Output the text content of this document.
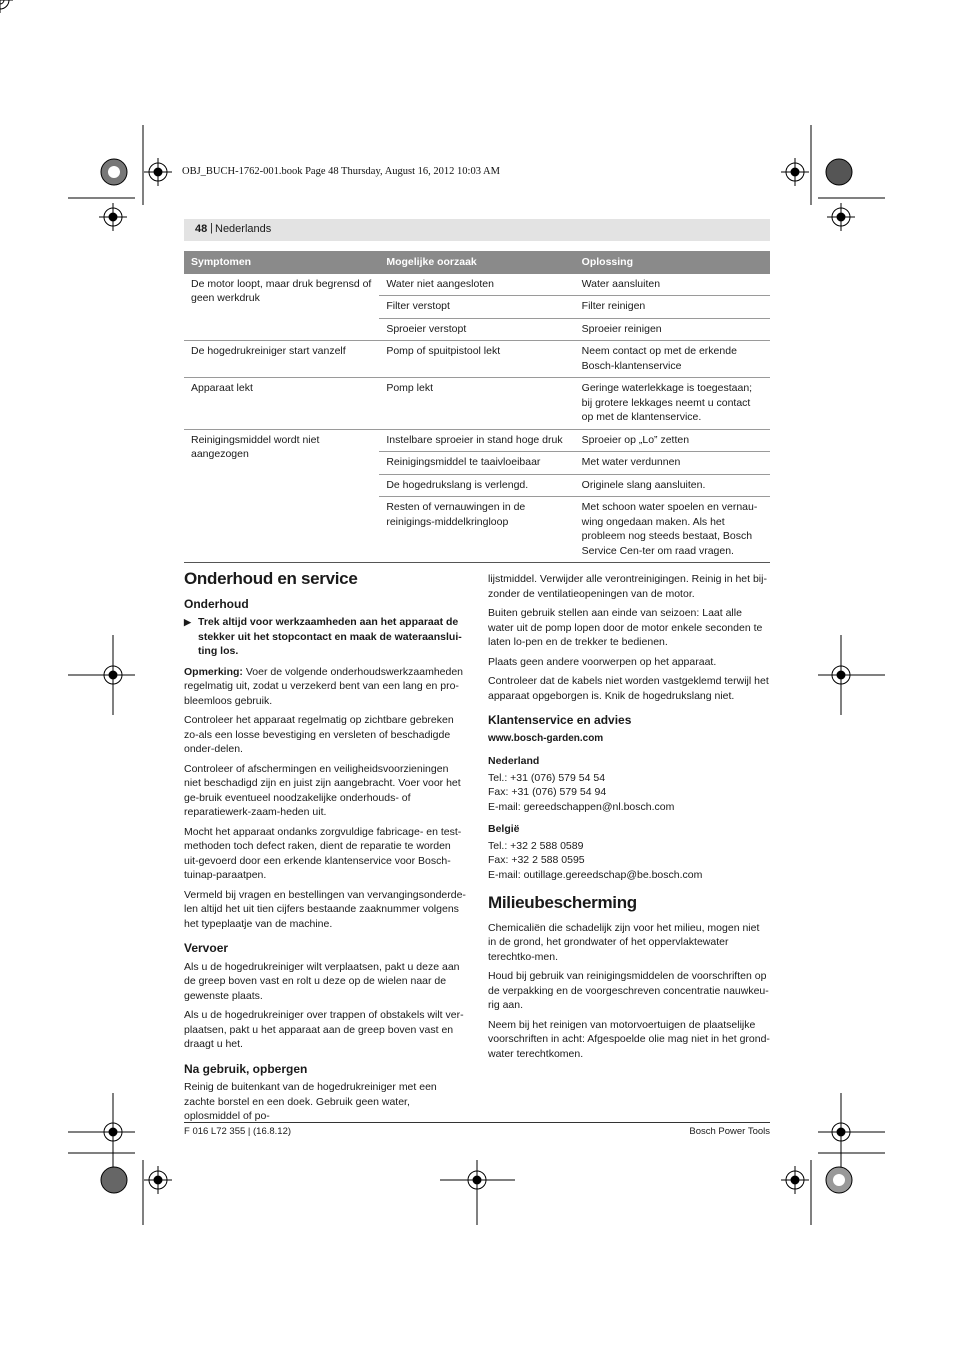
OBJ_BUCH-1762-001.book Page 48 Thursday, August 16, 2012 10:03 AM
48 | Nederlands
Symptomen	Mogelijke oorzaak	Oplossing
De motor loopt, maar druk begrensd of geen werkdruk	Water niet aangesloten	Water aansluiten
	Filter verstopt	Filter reinigen
	Sproeier verstopt	Sproeier reinigen
De hogedrukreiniger start vanzelf	Pomp of spuitpistool lekt	Neem contact op met de erkende Bosch-klantenservice
Apparaat lekt	Pomp lekt	Geringe waterlekkage is toegestaan; bij grotere lekkages neemt u contact op met de klantenservice.
Reinigingsmiddel wordt niet aangezogen	Instelbare sproeier in stand hoge druk	Sproeier op „Lo” zetten
	Reinigingsmiddel te taaivloeibaar	Met water verdunnen
	De hogedrukslang is verlengd.	Originele slang aansluiten.
	Resten of vernauwingen in de reinigings-middelkringloop	Met schoon water spoelen en vernau-wing ongedaan maken. Als het probleem nog steeds bestaat, Bosch Service Cen-ter om raad vragen.
Onderhoud en service
Onderhoud
▶ Trek altijd voor werkzaamheden aan het apparaat de stekker uit het stopcontact en maak de wateraanslui-ting los.

Opmerking: Voer de volgende onderhoudswerkzaamheden regelmatig uit, zodat u verzekerd bent van een lang en pro-bleemloos gebruik.

Controleer het apparaat regelmatig op zichtbare gebreken zo-als een losse bevestiging en versleten of beschadigde onder-delen.

Controleer of afschermingen en veiligheidsvoorzieningen niet beschadigd zijn en juist zijn aangebracht. Voer voor het ge-bruik eventueel noodzakelijke onderhouds- of reparatiewerk-zaam-heden uit.

Mocht het apparaat ondanks zorgvuldige fabricage- en test-methoden toch defect raken, dient de reparatie te worden uit-gevoerd door een erkende klantenservice voor Bosch-tuinap-paraatpen.

Vermeld bij vragen en bestellingen van vervangingsonderde-len altijd het uit tien cijfers bestaande zaaknummer volgens het typeplaatje van de machine.

Vervoer

Als u de hogedrukreiniger wilt verplaatsen, pakt u deze aan de greep boven vast en rolt u deze op de wielen naar de gewenste plaats.

Als u de hogedrukreiniger over trappen of obstakels wilt ver-plaatsen, pakt u het apparaat aan de greep boven vast en draagt u het.

Na gebruik, opbergen

Reinig de buitenkant van de hogedrukreiniger met een zachte borstel en een doek. Gebruik geen water, oplosmiddel of po-

lijstmiddel. Verwijder alle verontreinigingen. Reinig in het bij-zonder de ventilatieopeningen van de motor.

Buiten gebruik stellen aan einde van seizoen: Laat alle water uit de pomp lopen door de motor enkele seconden te laten lo-pen en de trekker te bedienen.

Plaats geen andere voorwerpen op het apparaat.

Controleer dat de kabels niet worden vastgeklemd terwijl het apparaat opgeborgen is. Knik de hogedrukslang niet.

Klantenservice en advies
www.bosch-garden.com
Nederland

Tel.: +31 (076) 579 54 54

Fax: +31 (076) 579 54 94

E-mail: gereedschappen@nl.bosch.com

België

Tel.: +32 2 588 0589

Fax: +32 2 588 0595

E-mail: outillage.gereedschap@be.bosch.com

Milieubescherming

Chemicaliën die schadelijk zijn voor het milieu, mogen niet in de grond, het grondwater of het oppervlaktewater terechtko-men.

Houd bij gebruik van reinigingsmiddelen de voorschriften op de verpakking en de voorgeschreven concentratie nauwkeu-rig aan.

Neem bij het reinigen van motorvoertuigen de plaatselijke voorschriften in acht: Afgespoelde olie mag niet in het grond-water terechtkomen.

F 016 L72 355 | (16.8.12)	Bosch Power Tools
